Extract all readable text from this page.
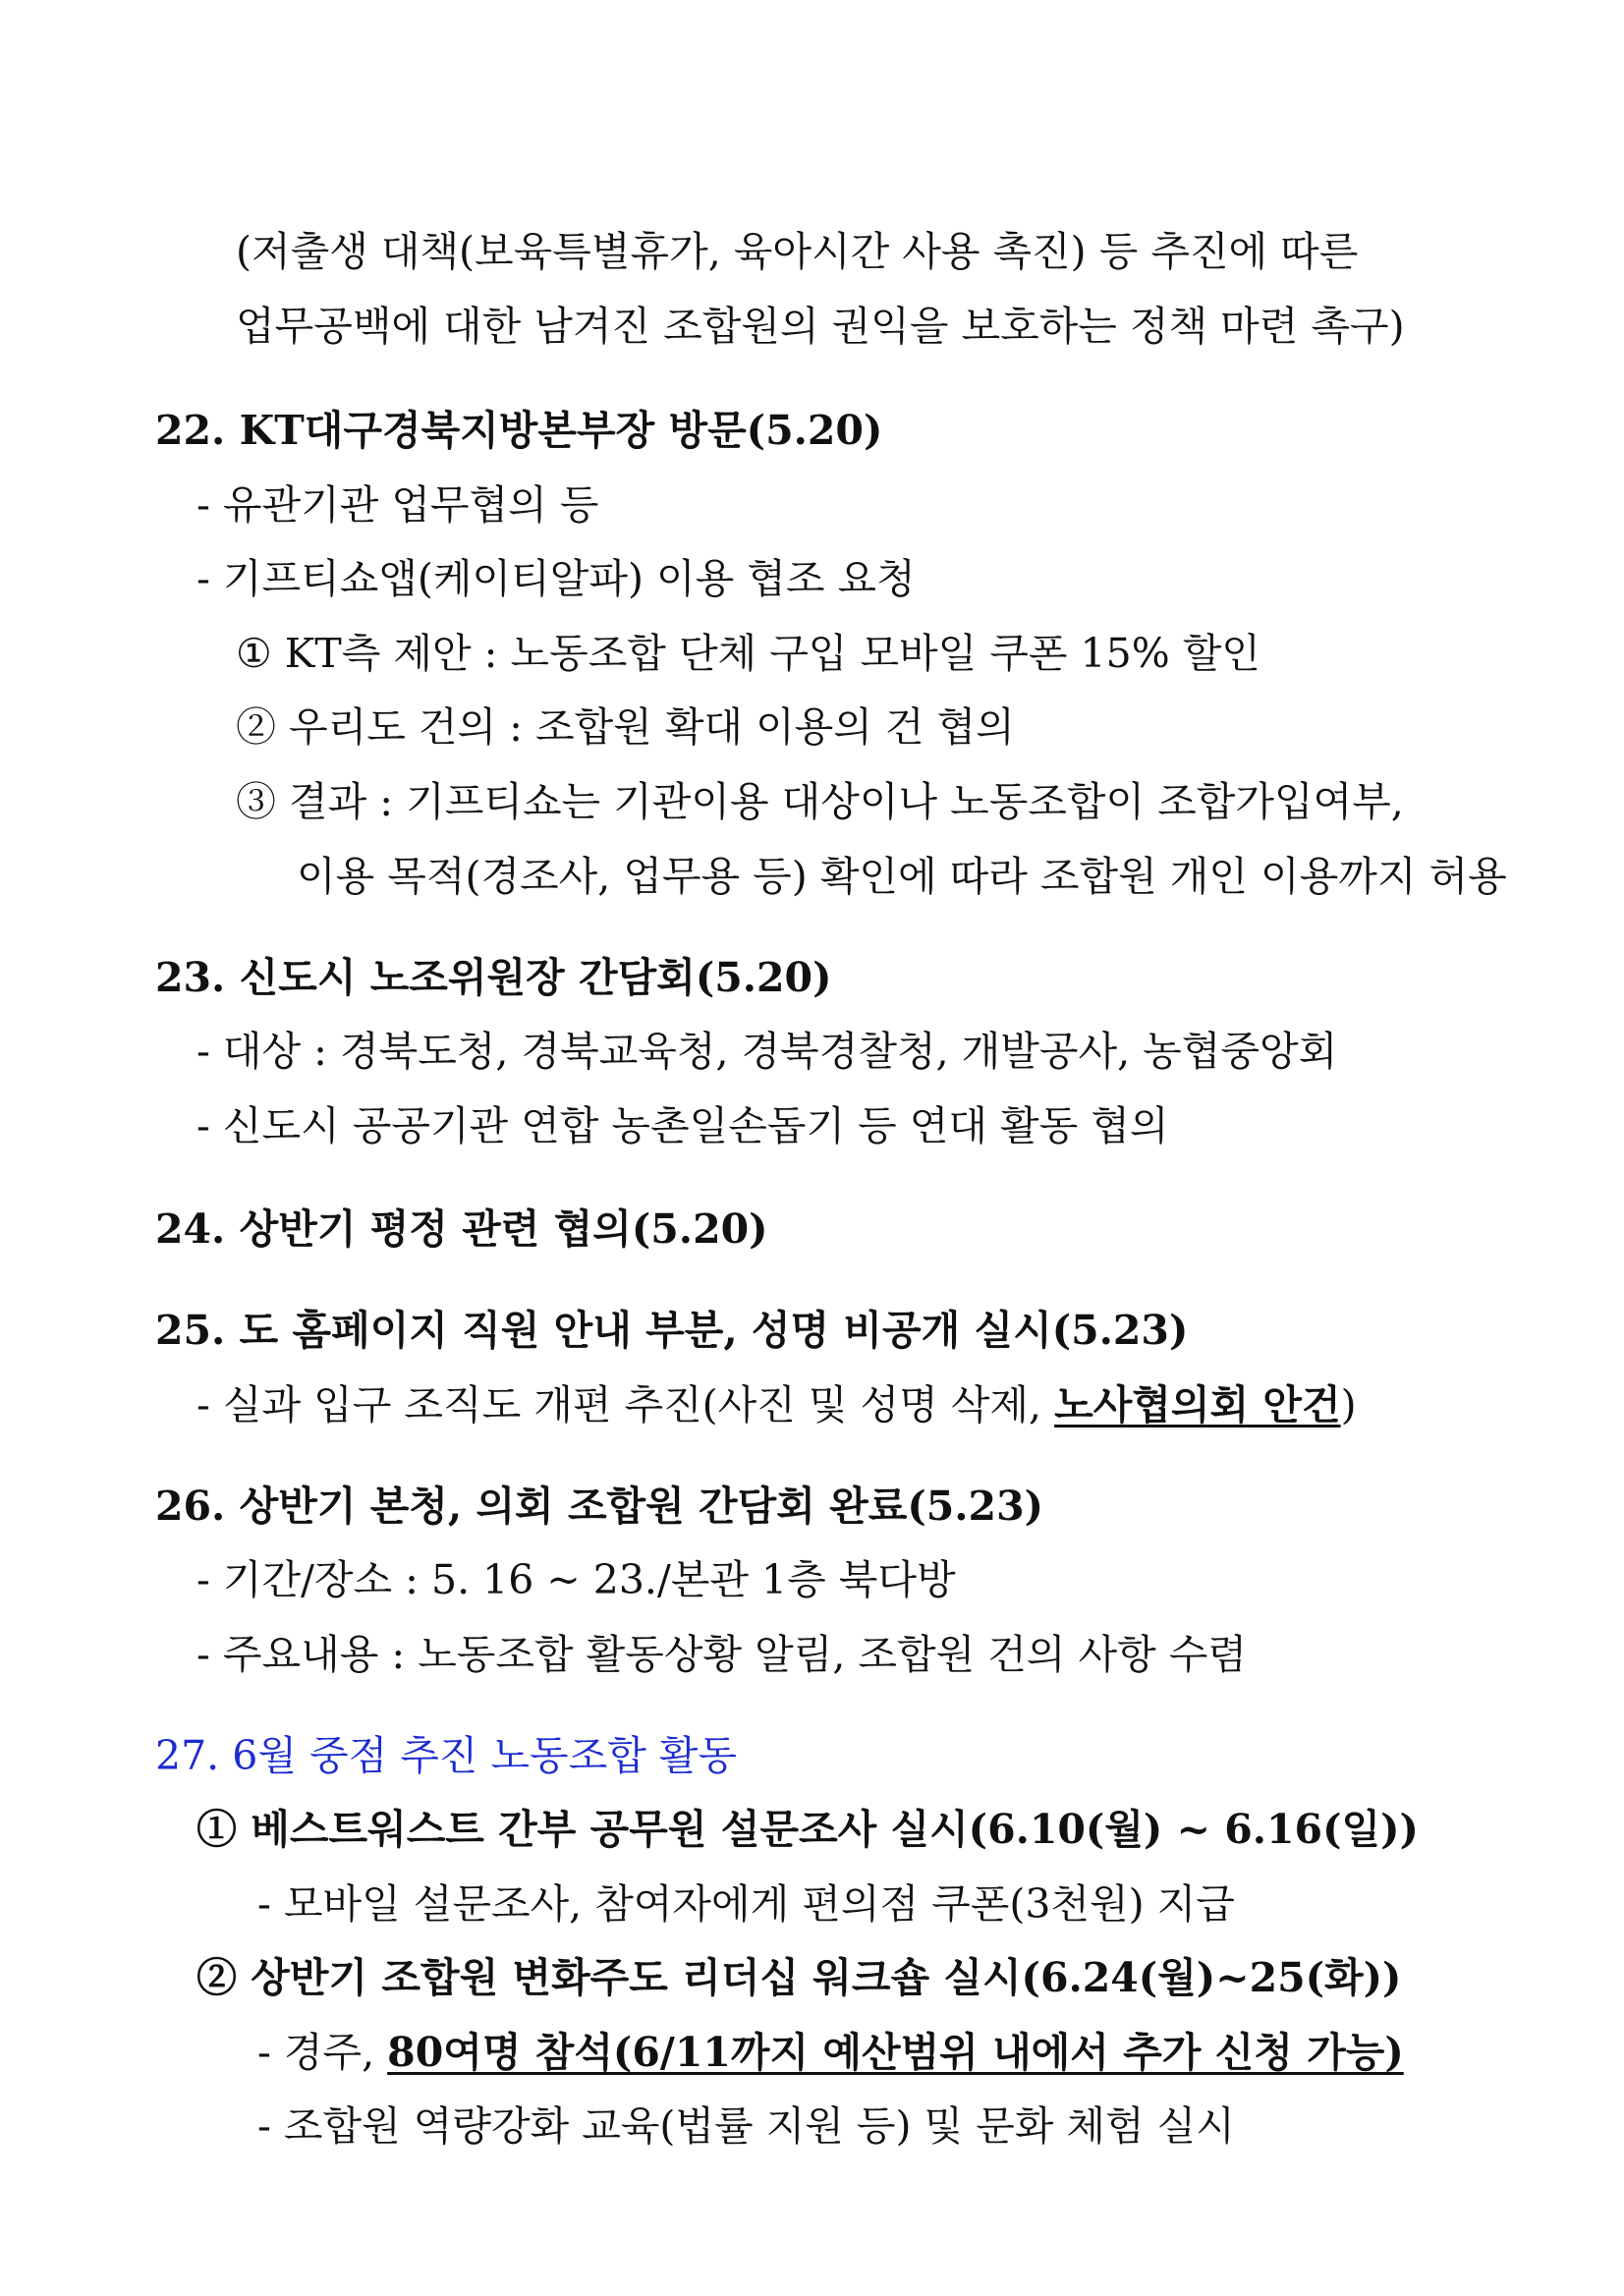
(저출생 대책(보육특별휴가, 육아시간 사용 촉진) 등 추진에 따른
업무공백에 대한 남겨진 조합원의 권익을 보호하는 정책 마련 촉구)
22. KT대구경북지방본부장 방문(5.20)
- 유관기관 업무협의 등
- 기프티쇼앱(케이티알파) 이용 협조 요청
① KT측 제안 : 노동조합 단체 구입 모바일 쿠폰 15% 할인
② 우리도 건의 : 조합원 확대 이용의 건 협의
③ 결과 : 기프티쇼는 기관이용 대상이나 노동조합이 조합가입여부,
이용 목적(경조사, 업무용 등) 확인에 따라 조합원 개인 이용까지 허용
23. 신도시 노조위원장 간담회(5.20)
- 대상 : 경북도청, 경북교육청, 경북경찰청, 개발공사, 농협중앙회
- 신도시 공공기관 연합 농촌일손돕기 등 연대 활동 협의
24. 상반기 평정 관련 협의(5.20)
25. 도 홈페이지 직원 안내 부분, 성명 비공개 실시(5.23)
- 실과 입구 조직도 개편 추진(사진 및 성명 삭제, 노사협의회 안건)
26. 상반기 본청, 의회 조합원 간담회 완료(5.23)
- 기간/장소 : 5. 16 ~ 23./본관 1층 북다방
- 주요내용 : 노동조합 활동상황 알림, 조합원 건의 사항 수렴
27. 6월 중점 추진 노동조합 활동
① 베스트워스트 간부 공무원 설문조사 실시(6.10(월) ~ 6.16(일))
- 모바일 설문조사, 참여자에게 편의점 쿠폰(3천원) 지급
② 상반기 조합원 변화주도 리더십 워크숍 실시(6.24(월)~25(화))
- 경주, 80여명 참석(6/11까지 예산범위 내에서 추가 신청 가능)
- 조합원 역량강화 교육(법률 지원 등) 및 문화 체험 실시
